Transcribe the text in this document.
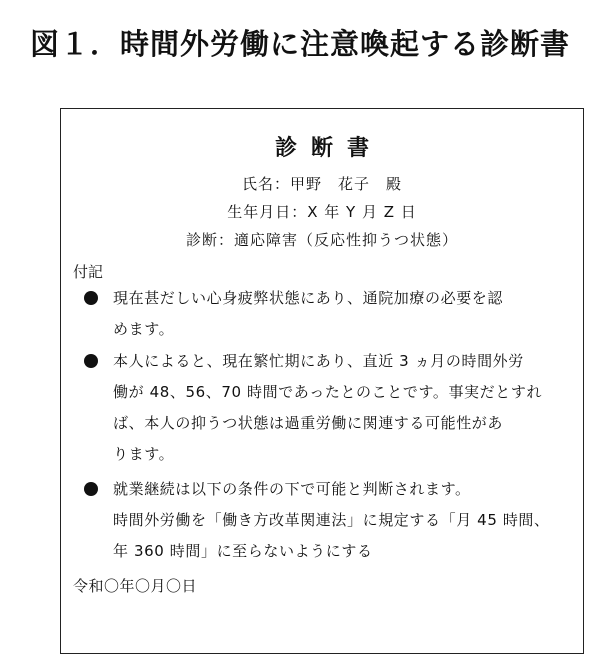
図１．時間外労働に注意喚起する診断書
診断書
氏名：甲野　花子　殿
生年月日：X 年 Y 月 Z 日
診断：適応障害（反応性抑うつ状態）
付記
現在甚だしい心身疲弊状態にあり、通院加療の必要を認
めます。
本人によると、現在繁忙期にあり、直近 3 ヵ月の時間外労
働が 48、56、70 時間であったとのことです。事実だとすれ
ば、本人の抑うつ状態は過重労働に関連する可能性があ
ります。
就業継続は以下の条件の下で可能と判断されます。
時間外労働を「働き方改革関連法」に規定する「月 45 時間、
年 360 時間」に至らないようにする
令和〇年〇月〇日
